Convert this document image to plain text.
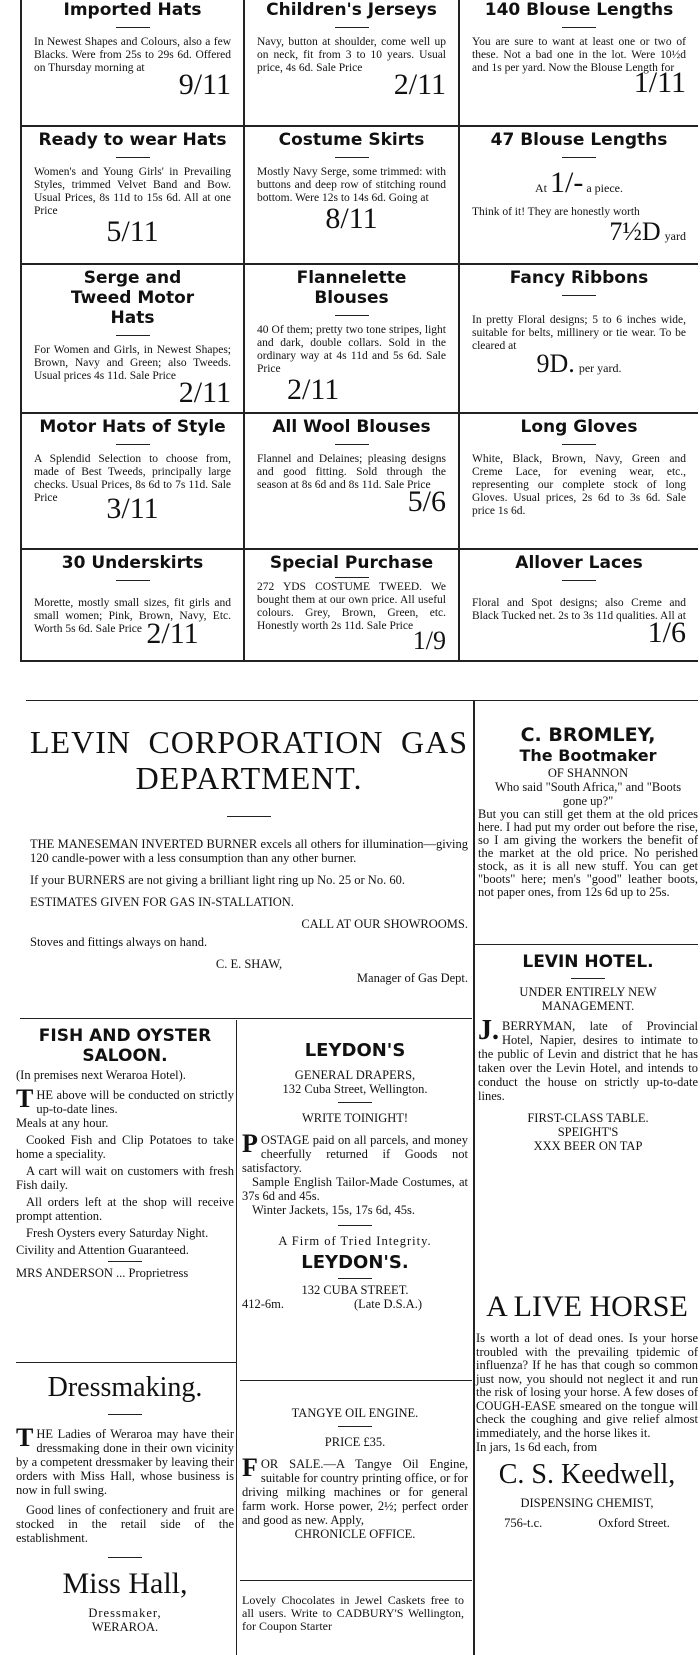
Imported Hats
In Newest Shapes and Colours, also a few Blacks. Were from 25s to 29s 6d. Offered on Thursday morning at	9/11
Children's Jerseys
Navy, button at shoulder, come well up on neck, fit from 3 to 10 years. Usual price, 4s 6d. Sale Price	2/11
140 Blouse Lengths
You are sure to want at least one or two of these. Not a bad one in the lot. Were 10½d and 1s per yard. Now the Blouse Length for
1/11
Ready to wear Hats
Women's and Young Girls' in Prevailing Styles, trimmed Velvet Band and Bow. Usual Prices, 8s 11d to 15s 6d. All at one Price
5/11
Costume Skirts
Mostly Navy Serge, some trimmed: with buttons and deep row of stitching round bottom. Were 12s to 14s 6d. Going at
8/11
47 Blouse Lengths
At 1/- a piece.
Think of it! They are honestly worth
7½D yard
Serge and Tweed Motor Hats
For Women and Girls, in Newest Shapes; Brown, Navy and Green; also Tweeds. Usual prices 4s 11d. Sale Price 2/11
Flannelette Blouses
40 Of them; pretty two tone stripes, light and dark, double collars. Sold in the ordinary way at 4s 11d and 5s 6d. Sale Price
2/11
Fancy Ribbons
In pretty Floral designs; 5 to 6 inches wide, suitable for belts, millinery or tie wear. To be cleared at
9D. per yard.
Motor Hats of Style
A Splendid Selection to choose from, made of Best Tweeds, principally large checks. Usual Prices, 8s 6d to 7s 11d. Sale Price	3/11
All Wool Blouses
Flannel and Delaines; pleasing designs and good fitting. Sold through the season at 8s 6d and 8s 11d. Sale Price
5/6
Long Gloves
White, Black, Brown, Navy, Green and Creme Lace, for evening wear, etc., representing our complete stock of long Gloves. Usual prices, 2s 6d to 3s 6d. Sale price 1s 6d.
30 Underskirts
Morette, mostly small sizes, fit girls and small women; Pink, Brown, Navy, Etc. Worth 5s 6d. Sale Price 2/11
Special Purchase
272 YDS COSTUME TWEED. We bought them at our own price. All useful colours. Grey, Brown, Green, etc. Honestly worth 2s 11d. Sale Price 1/9
Allover Laces
Floral and Spot designs; also Creme and Black Tucked net. 2s to 3s 11d qualities. All at
1/6
LEVIN CORPORATION GAS
DEPARTMENT.
THE MANESEMAN INVERTED BURNER excels all others for illumination—giving 120 candle-power with a less consumption than any other burner.
If your BURNERS are not giving a brilliant light ring up No. 25 or No. 60.
ESTIMATES GIVEN FOR GAS IN-STALLATION.
CALL AT OUR SHOWROOMS.
Stoves and fittings always on hand.
C. E. SHAW,
Manager of Gas Dept.
C. BROMLEY,
The Bootmaker
OF SHANNON
Who said "South Africa," and "Boots gone up?"
But you can still get them at the old prices here. I had put my order out before the rise, so I am giving the workers the benefit of the market at the old price. No perished stock, as it is all new stuff. You can get "boots" here; men's "good" leather boots, not paper ones, from 12s 6d up to 25s.
LEVIN HOTEL.
UNDER ENTIRELY NEW MANAGEMENT.
J. BERRYMAN, late of Provincial Hotel, Napier, desires to intimate to the public of Levin and district that he has taken over the Levin Hotel, and intends to conduct the house on strictly up-to-date lines.
FIRST-CLASS TABLE.
SPEIGHT'S
XXX BEER ON TAP
FISH AND OYSTER
SALOON.
(In premises next Weraroa Hotel).
T HE above will be conducted on strictly up-to-date lines.
Meals at any hour.
Cooked Fish and Clip Potatoes to take home a speciality.
A cart will wait on customers with fresh Fish daily.
All orders left at the shop will receive prompt attention.
Fresh Oysters every Saturday Night.
Civility and Attention Guaranteed.
MRS ANDERSON ... Proprietress
Dressmaking.
T HE Ladies of Weraroa may have their dressmaking done in their own vicinity by a competent dressmaker by leaving their orders with Miss Hall, whose business is now in full swing.
Good lines of confectionery and fruit are stocked in the retail side of the establishment.
Miss Hall,
Dressmaker,
WERAROA.
LEYDON'S
GENERAL DRAPERS,
132 Cuba Street, Wellington.
WRITE TOINIGHT!
P OSTAGE paid on all parcels, and money cheerfully returned if Goods not satisfactory.
Sample English Tailor-Made Costumes, at 37s 6d and 45s.
Winter Jackets, 15s, 17s 6d, 45s.
A Firm of Tried Integrity.
LEYDON'S.
132 CUBA STREET.
412-6m.	(Late D.S.A.)
TANGYE OIL ENGINE.
PRICE £35.
F OR SALE.—A Tangye Oil Engine, suitable for country printing office, or for driving milking machines or for general farm work. Horse power, 2½; perfect order and good as new. Apply,
CHRONICLE OFFICE.
Lovely Chocolates in Jewel Caskets free to all users. Write to CADBURY'S Wellington, for Coupon Starter
A LIVE HORSE
Is worth a lot of dead ones. Is your horse troubled with the prevailing tpidemic of influenza? If he has that cough so common just now, you should not neglect it and run the risk of losing your horse. A few doses of COUGH-EASE smeared on the tongue will check the coughing and give relief almost immediately, and the horse likes it.
In jars, 1s 6d each, from
C. S. Keedwell,
DISPENSING CHEMIST,
756-t.c.	Oxford Street.
